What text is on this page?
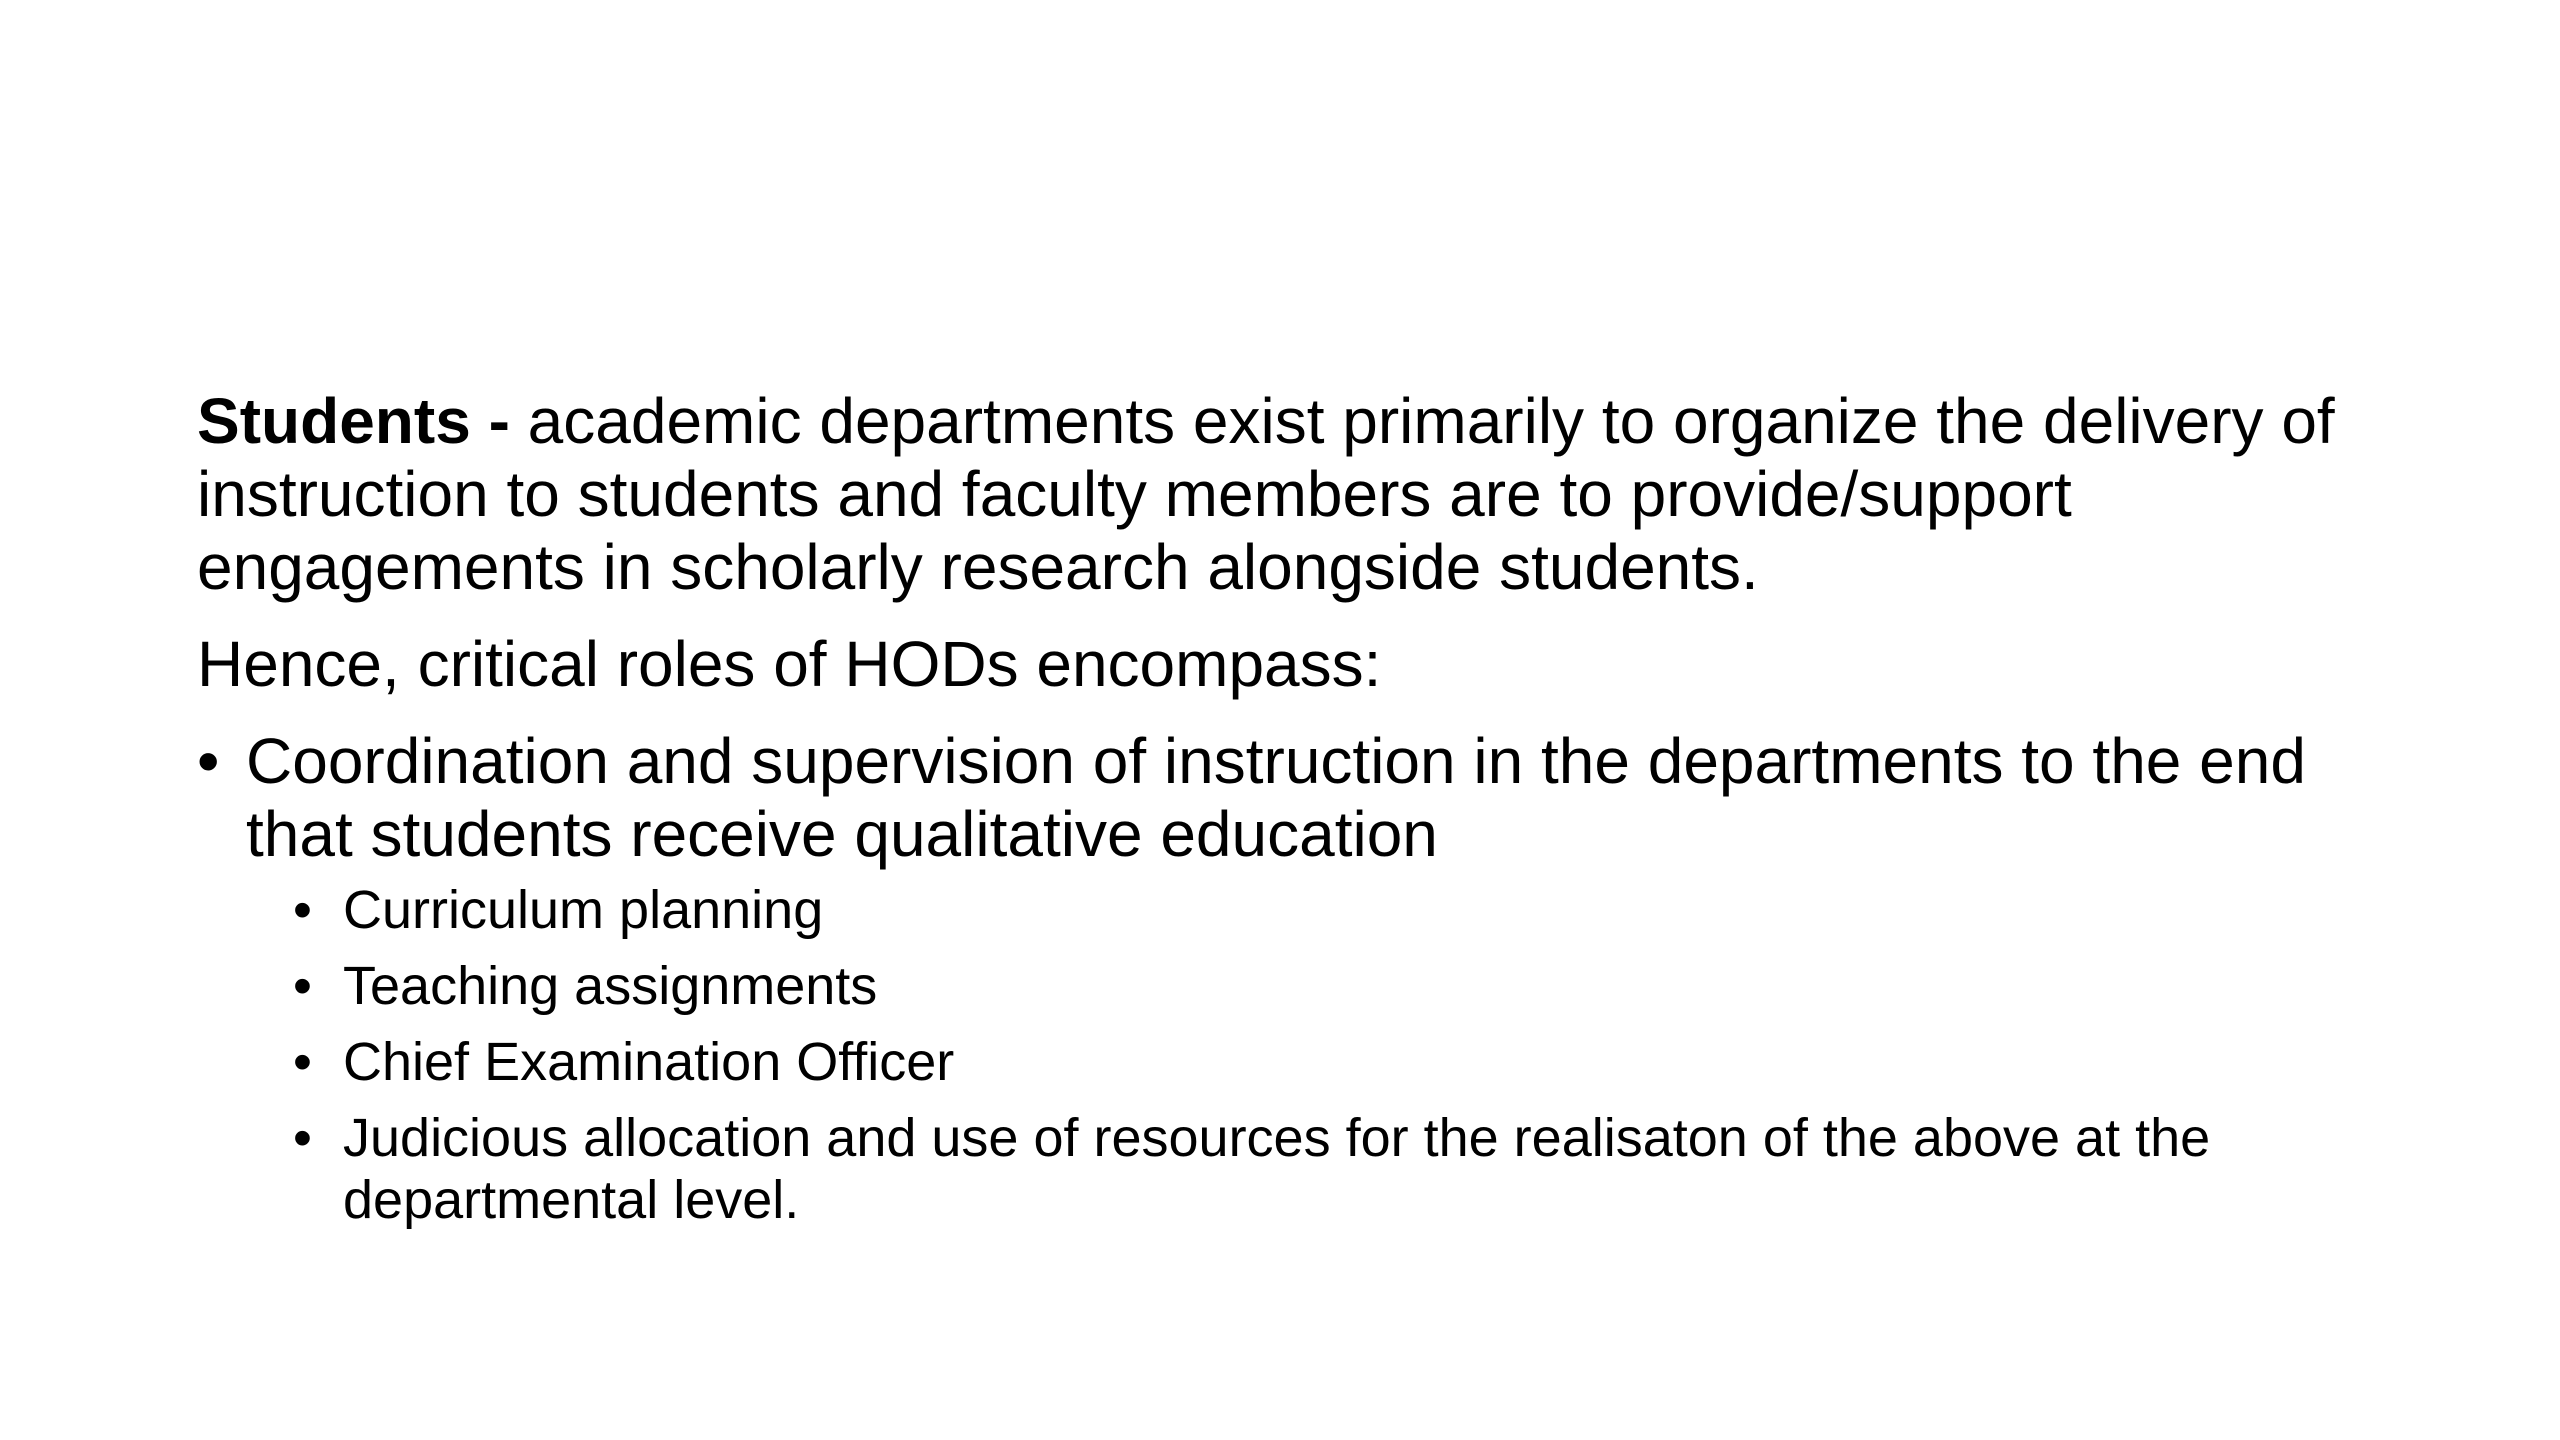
Students - academic departments exist primarily to organize the delivery of instruction to students and faculty members are to provide/support engagements in scholarly research alongside students.

Hence, critical roles of HODs encompass:

• Coordination and supervision of instruction in the departments to the end that students receive qualitative education
• Curriculum planning
• Teaching assignments
• Chief Examination Officer
• Judicious allocation and use of resources for the realisaton of the above at the departmental level.
